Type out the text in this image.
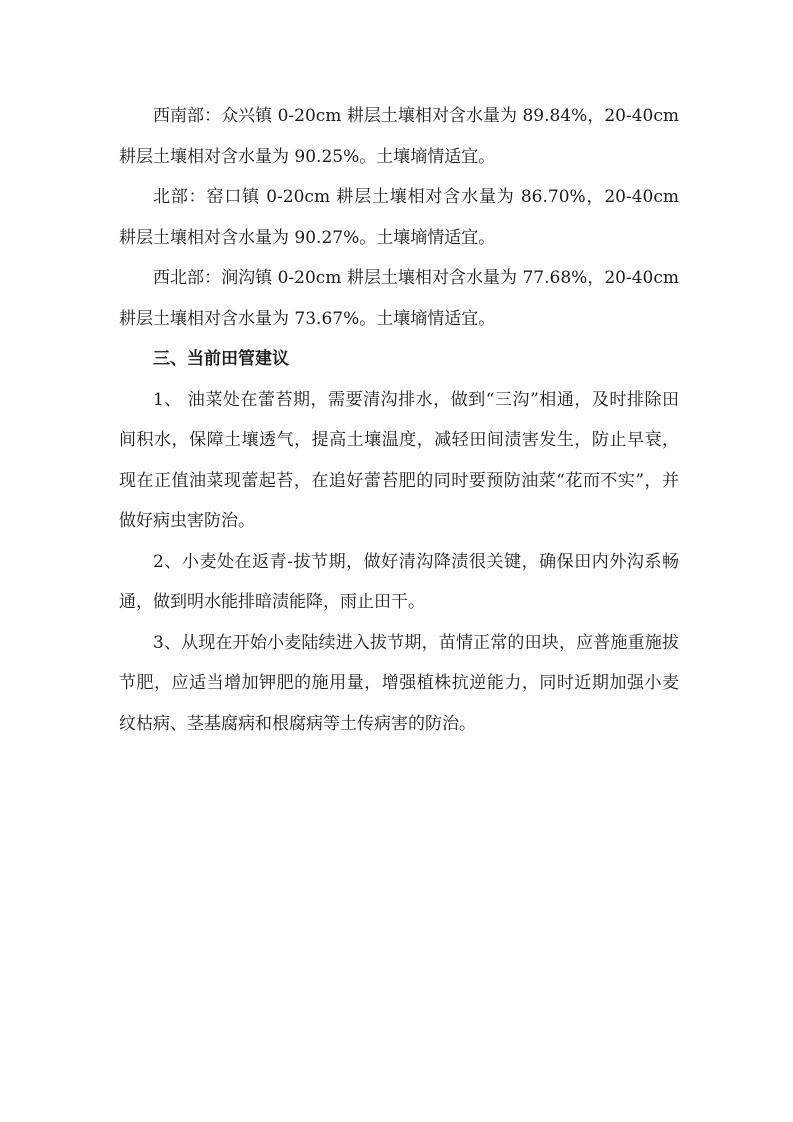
西南部：众兴镇 0-20cm 耕层土壤相对含水量为 89.84%，20-40cm 耕层土壤相对含水量为 90.25%。土壤墒情适宜。

北部：窑口镇 0-20cm 耕层土壤相对含水量为 86.70%，20-40cm 耕层土壤相对含水量为 90.27%。土壤墒情适宜。

西北部：涧沟镇 0-20cm 耕层土壤相对含水量为 77.68%，20-40cm 耕层土壤相对含水量为 73.67%。土壤墒情适宜。

三、当前田管建议

1、 油菜处在蕾苔期，需要清沟排水，做到“三沟”相通，及时排除田间积水，保障土壤透气，提高土壤温度，减轻田间渍害发生，防止早衰，现在正值油菜现蕾起苔，在追好蕾苔肥的同时要预防油菜“花而不实”，并做好病虫害防治。

2、小麦处在返青-拔节期，做好清沟降渍很关键，确保田内外沟系畅通，做到明水能排暗渍能降，雨止田干。

3、从现在开始小麦陆续进入拔节期，苗情正常的田块，应普施重施拔节肥，应适当增加钾肥的施用量，增强植株抗逆能力，同时近期加强小麦纹枯病、茎基腐病和根腐病等土传病害的防治。
